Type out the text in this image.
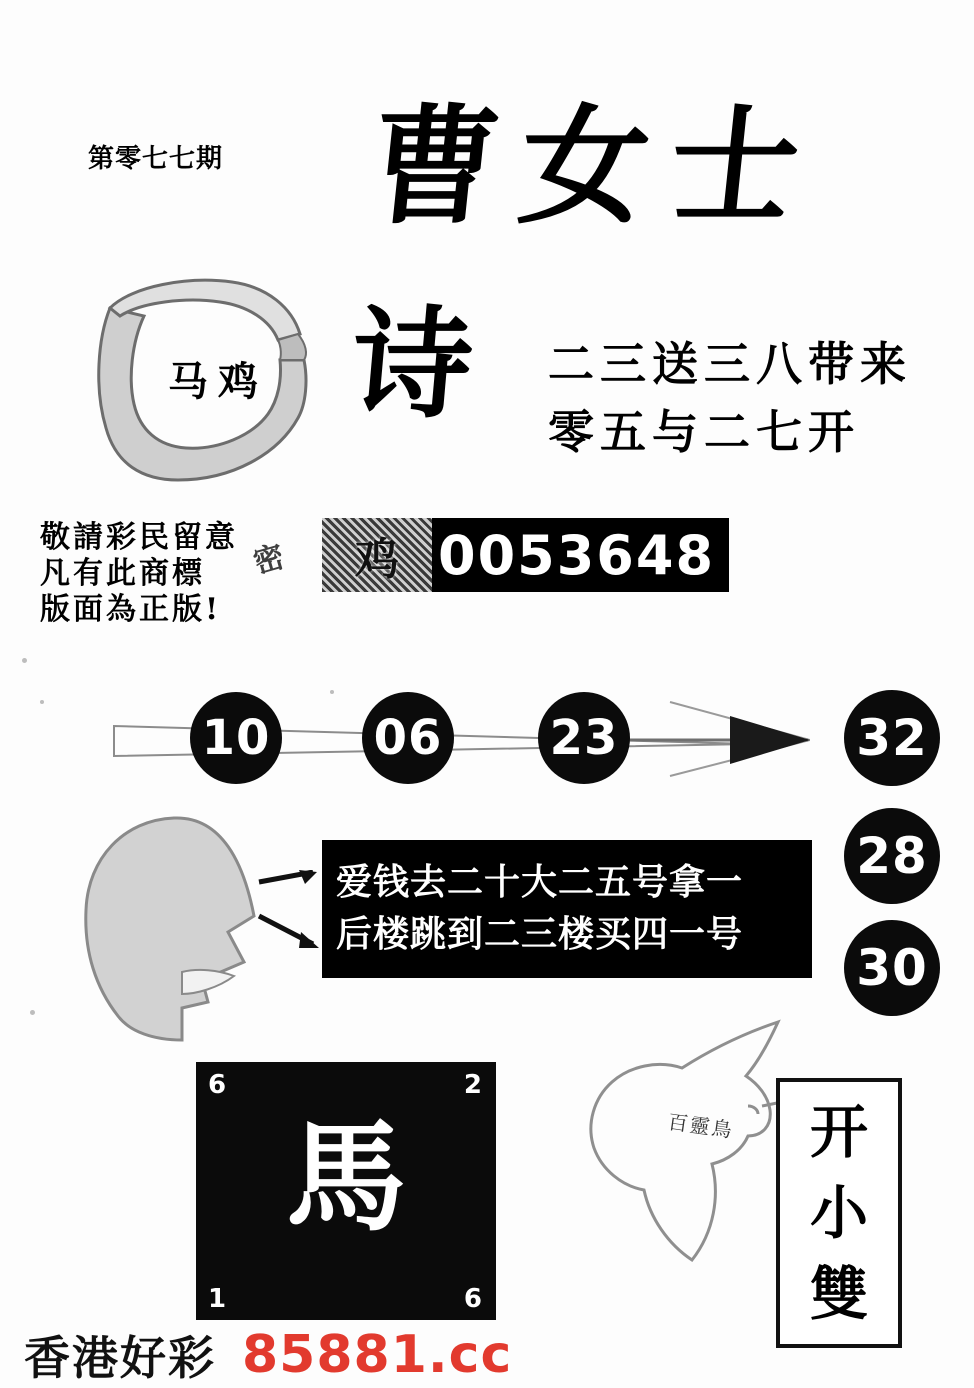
第零七七期 曹女士
马鸡 诗 二三送三八带来
零五与二七开
敬請彩民留意
凡有此商標
版面為正版!
密	鸡 0053648
10 06 23	32
28
30
爱钱去二十大二五号拿一
后楼跳到二三楼买四一号
6	2
1	6
馬	百靈鳥 开
小
雙
香港好彩 85881.cc
